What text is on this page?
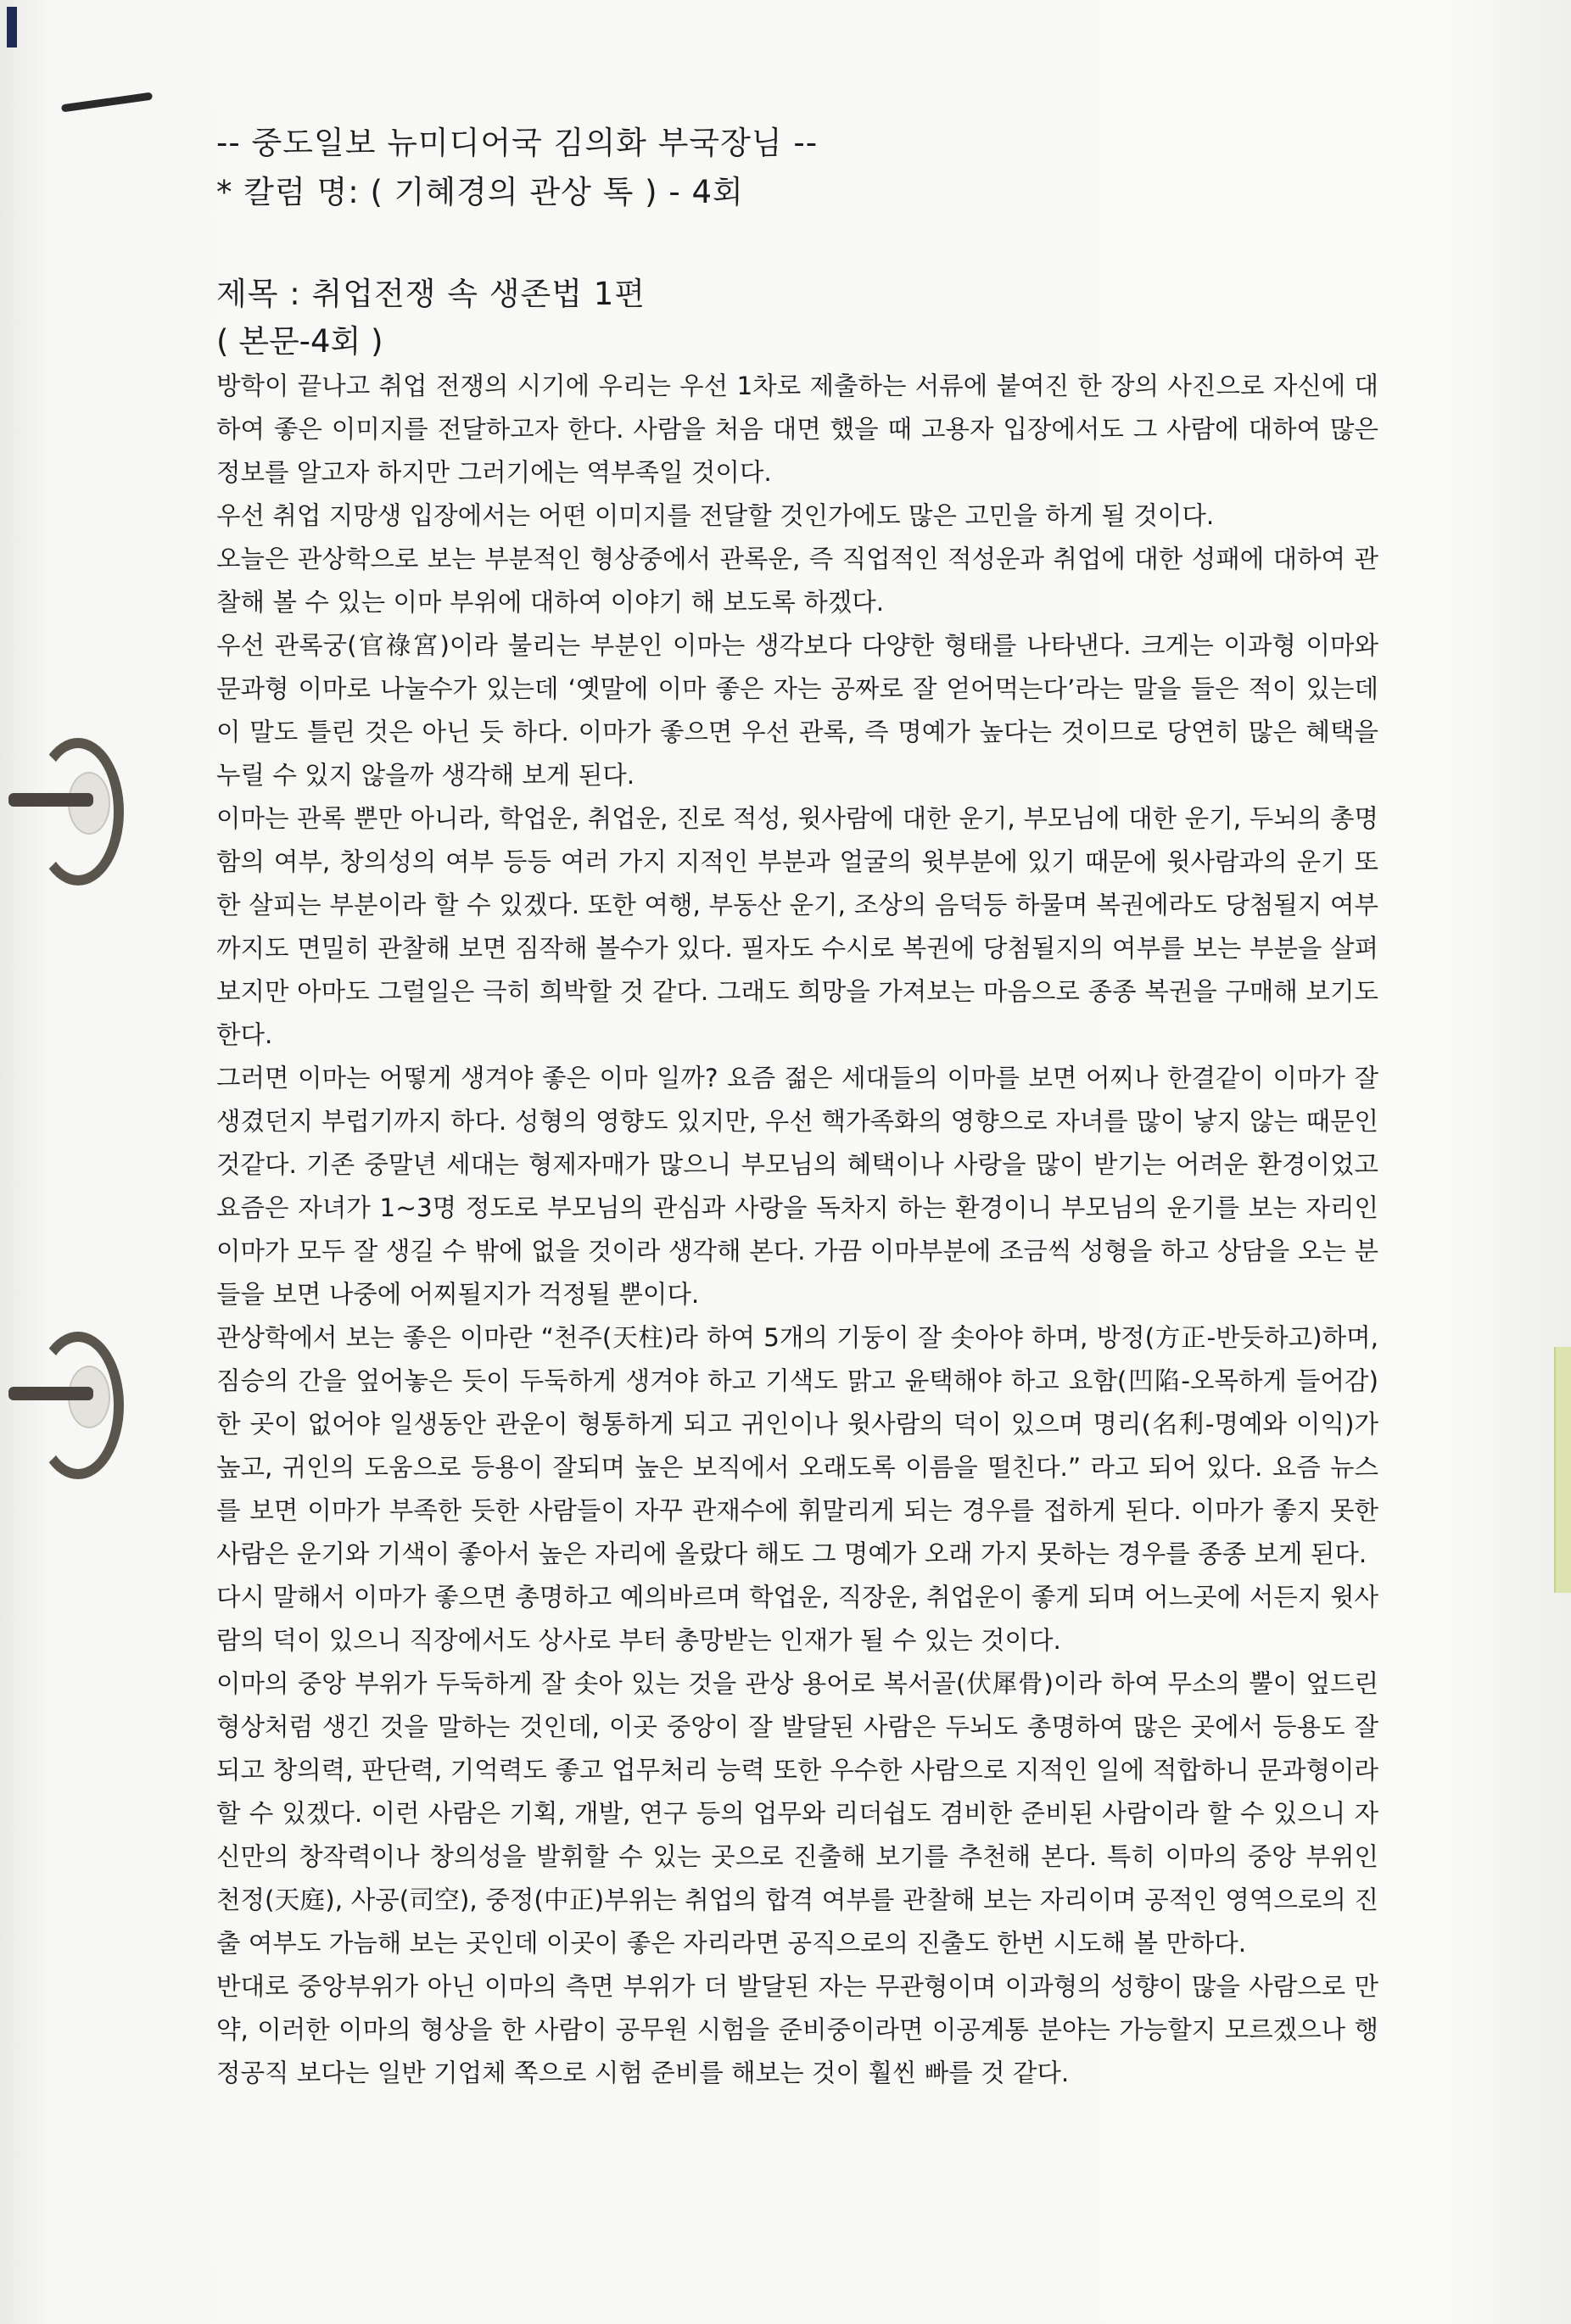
-- 중도일보 뉴미디어국 김의화 부국장님 --
* 칼럼 명: ( 기혜경의 관상 톡 ) - 4회
제목 : 취업전쟁 속 생존법 1편
( 본문-4회 )

방학이 끝나고 취업 전쟁의 시기에 우리는 우선 1차로 제출하는 서류에 붙여진 한 장의 사진으로 자신에 대하여 좋은 이미지를 전달하고자 한다. 사람을 처음 대면 했을 때 고용자 입장에서도 그 사람에 대하여 많은 정보를 알고자 하지만 그러기에는 역부족일 것이다.

우선 취업 지망생 입장에서는 어떤 이미지를 전달할 것인가에도 많은 고민을 하게 될 것이다.

오늘은 관상학으로 보는 부분적인 형상중에서 관록운, 즉 직업적인 적성운과 취업에 대한 성패에 대하여 관찰해 볼 수 있는 이마 부위에 대하여 이야기 해 보도록 하겠다.

우선 관록궁(官祿宮)이라 불리는 부분인 이마는 생각보다 다양한 형태를 나타낸다. 크게는 이과형 이마와 문과형 이마로 나눌수가 있는데 ‘옛말에 이마 좋은 자는 공짜로 잘 얻어먹는다’라는 말을 들은 적이 있는데 이 말도 틀린 것은 아닌 듯 하다. 이마가 좋으면 우선 관록, 즉 명예가 높다는 것이므로 당연히 많은 혜택을 누릴 수 있지 않을까 생각해 보게 된다.

이마는 관록 뿐만 아니라, 학업운, 취업운, 진로 적성, 윗사람에 대한 운기, 부모님에 대한 운기, 두뇌의 총명함의 여부, 창의성의 여부 등등 여러 가지 지적인 부분과 얼굴의 윗부분에 있기 때문에 윗사람과의 운기 또한 살피는 부분이라 할 수 있겠다. 또한 여행, 부동산 운기, 조상의 음덕등 하물며 복권에라도 당첨될지 여부까지도 면밀히 관찰해 보면 짐작해 볼수가 있다. 필자도 수시로 복권에 당첨될지의 여부를 보는 부분을 살펴보지만 아마도 그럴일은 극히 희박할 것 같다. 그래도 희망을 가져보는 마음으로 종종 복권을 구매해 보기도 한다.

그러면 이마는 어떻게 생겨야 좋은 이마 일까? 요즘 젊은 세대들의 이마를 보면 어찌나 한결같이 이마가 잘 생겼던지 부럽기까지 하다. 성형의 영향도 있지만, 우선 핵가족화의 영향으로 자녀를 많이 낳지 않는 때문인 것같다. 기존 중말년 세대는 형제자매가 많으니 부모님의 혜택이나 사랑을 많이 받기는 어려운 환경이었고 요즘은 자녀가 1~3명 정도로 부모님의 관심과 사랑을 독차지 하는 환경이니 부모님의 운기를 보는 자리인 이마가 모두 잘 생길 수 밖에 없을 것이라 생각해 본다. 가끔 이마부분에 조금씩 성형을 하고 상담을 오는 분들을 보면 나중에 어찌될지가 걱정될 뿐이다.

관상학에서 보는 좋은 이마란 “천주(天柱)라 하여 5개의 기둥이 잘 솟아야 하며, 방정(方正-반듯하고)하며, 짐승의 간을 엎어놓은 듯이 두둑하게 생겨야 하고 기색도 맑고 윤택해야 하고 요함(凹陷-오목하게 들어감)한 곳이 없어야 일생동안 관운이 형통하게 되고 귀인이나 윗사람의 덕이 있으며 명리(名利-명예와 이익)가 높고, 귀인의 도움으로 등용이 잘되며 높은 보직에서 오래도록 이름을 떨친다.” 라고 되어 있다. 요즘 뉴스를 보면 이마가 부족한 듯한 사람들이 자꾸 관재수에 휘말리게 되는 경우를 접하게 된다. 이마가 좋지 못한 사람은 운기와 기색이 좋아서 높은 자리에 올랐다 해도 그 명예가 오래 가지 못하는 경우를 종종 보게 된다.

다시 말해서 이마가 좋으면 총명하고 예의바르며 학업운, 직장운, 취업운이 좋게 되며 어느곳에 서든지 윗사람의 덕이 있으니 직장에서도 상사로 부터 총망받는 인재가 될 수 있는 것이다.

이마의 중앙 부위가 두둑하게 잘 솟아 있는 것을 관상 용어로 복서골(伏犀骨)이라 하여 무소의 뿔이 엎드린 형상처럼 생긴 것을 말하는 것인데, 이곳 중앙이 잘 발달된 사람은 두뇌도 총명하여 많은 곳에서 등용도 잘되고 창의력, 판단력, 기억력도 좋고 업무처리 능력 또한 우수한 사람으로 지적인 일에 적합하니 문과형이라 할 수 있겠다. 이런 사람은 기획, 개발, 연구 등의 업무와 리더쉽도 겸비한 준비된 사람이라 할 수 있으니 자신만의 창작력이나 창의성을 발휘할 수 있는 곳으로 진출해 보기를 추천해 본다. 특히 이마의 중앙 부위인 천정(天庭), 사공(司空), 중정(中正)부위는 취업의 합격 여부를 관찰해 보는 자리이며 공적인 영역으로의 진출 여부도 가늠해 보는 곳인데 이곳이 좋은 자리라면 공직으로의 진출도 한번 시도해 볼 만하다.

반대로 중앙부위가 아닌 이마의 측면 부위가 더 발달된 자는 무관형이며 이과형의 성향이 많을 사람으로 만약, 이러한 이마의 형상을 한 사람이 공무원 시험을 준비중이라면 이공계통 분야는 가능할지 모르겠으나 행정공직 보다는 일반 기업체 쪽으로 시험 준비를 해보는 것이 훨씬 빠를 것 같다.
